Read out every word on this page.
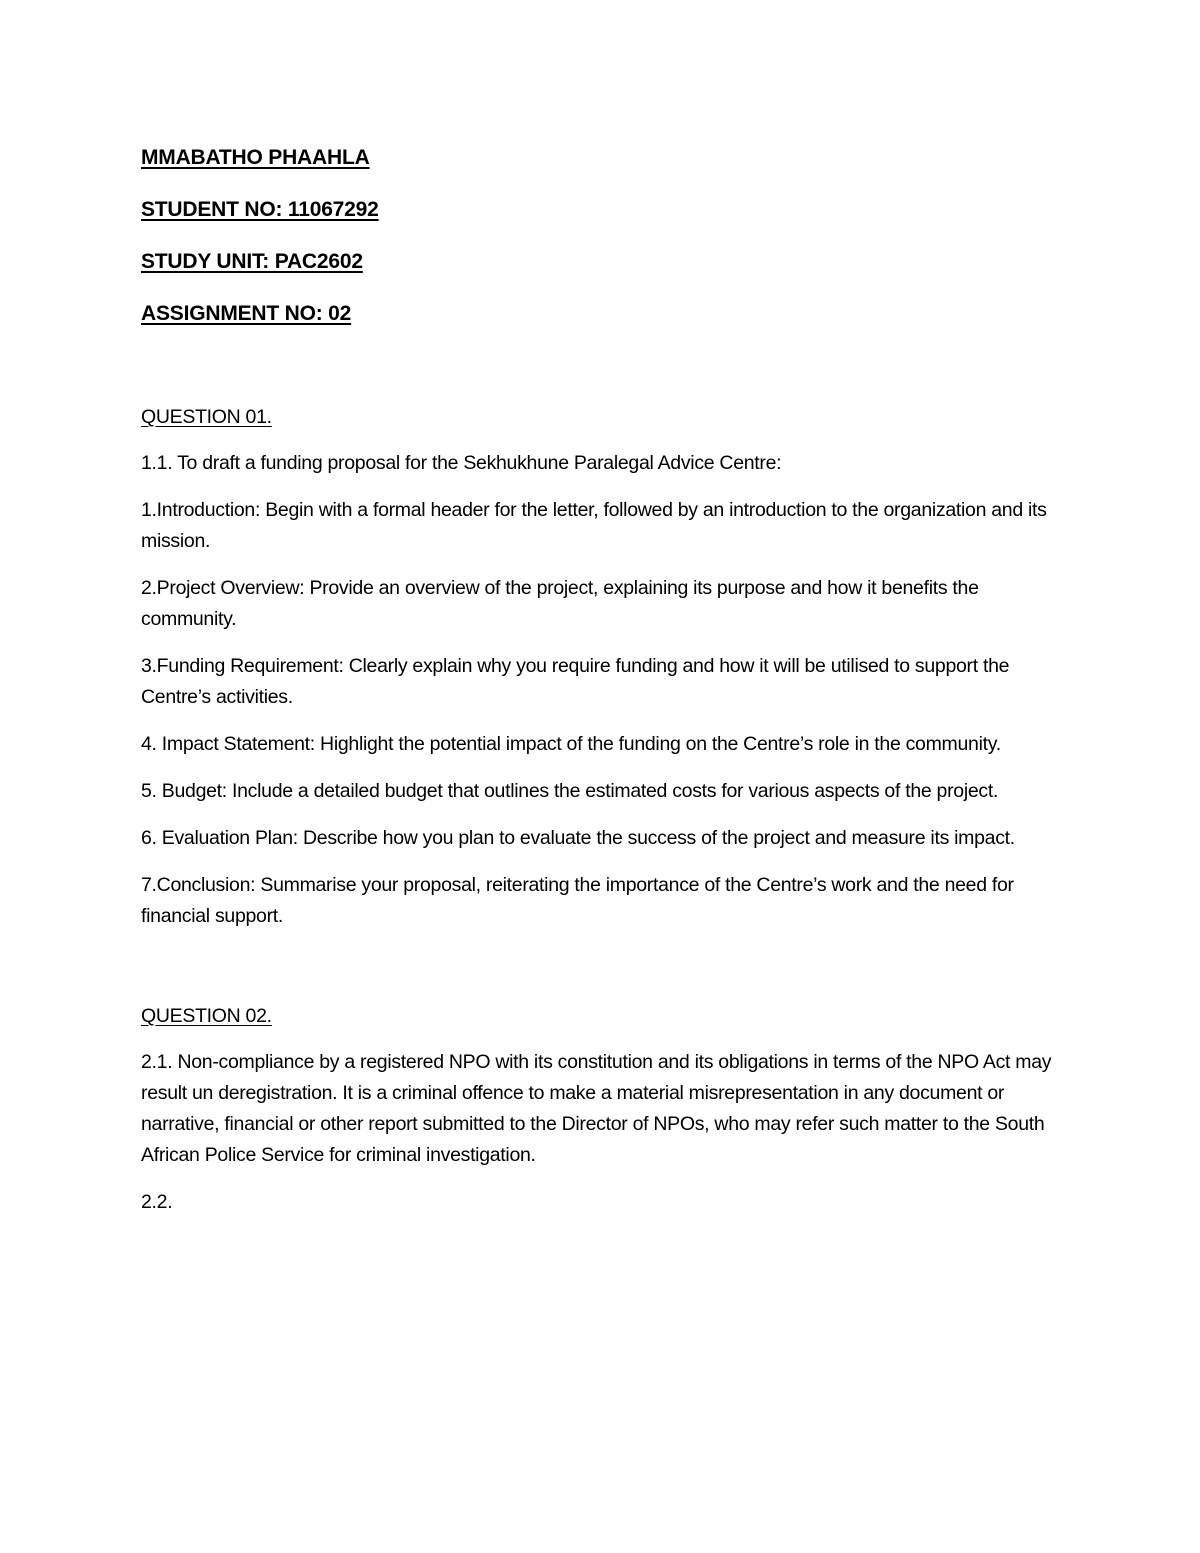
MMABATHO PHAAHLA
STUDENT NO: 11067292
STUDY UNIT: PAC2602
ASSIGNMENT NO: 02
QUESTION 01.

1.1. To draft a funding proposal for the Sekhukhune Paralegal Advice Centre:

1.Introduction: Begin with a formal header for the letter, followed by an introduction to the organization and its mission.

2.Project Overview: Provide an overview of the project, explaining its purpose and how it benefits the community.

3.Funding Requirement: Clearly explain why you require funding and how it will be utilised to support the Centre’s activities.

4. Impact Statement: Highlight the potential impact of the funding on the Centre’s role in the community.

5. Budget: Include a detailed budget that outlines the estimated costs for various aspects of the project.

6. Evaluation Plan: Describe how you plan to evaluate the success of the project and measure its impact.

7.Conclusion: Summarise your proposal, reiterating the importance of the Centre’s work and the need for financial support.

QUESTION 02.

2.1. Non-compliance by a registered NPO with its constitution and its obligations in terms of the NPO Act may result un deregistration. It is a criminal offence to make a material misrepresentation in any document or narrative, financial or other report submitted to the Director of NPOs, who may refer such matter to the South African Police Service for criminal investigation.

2.2.
